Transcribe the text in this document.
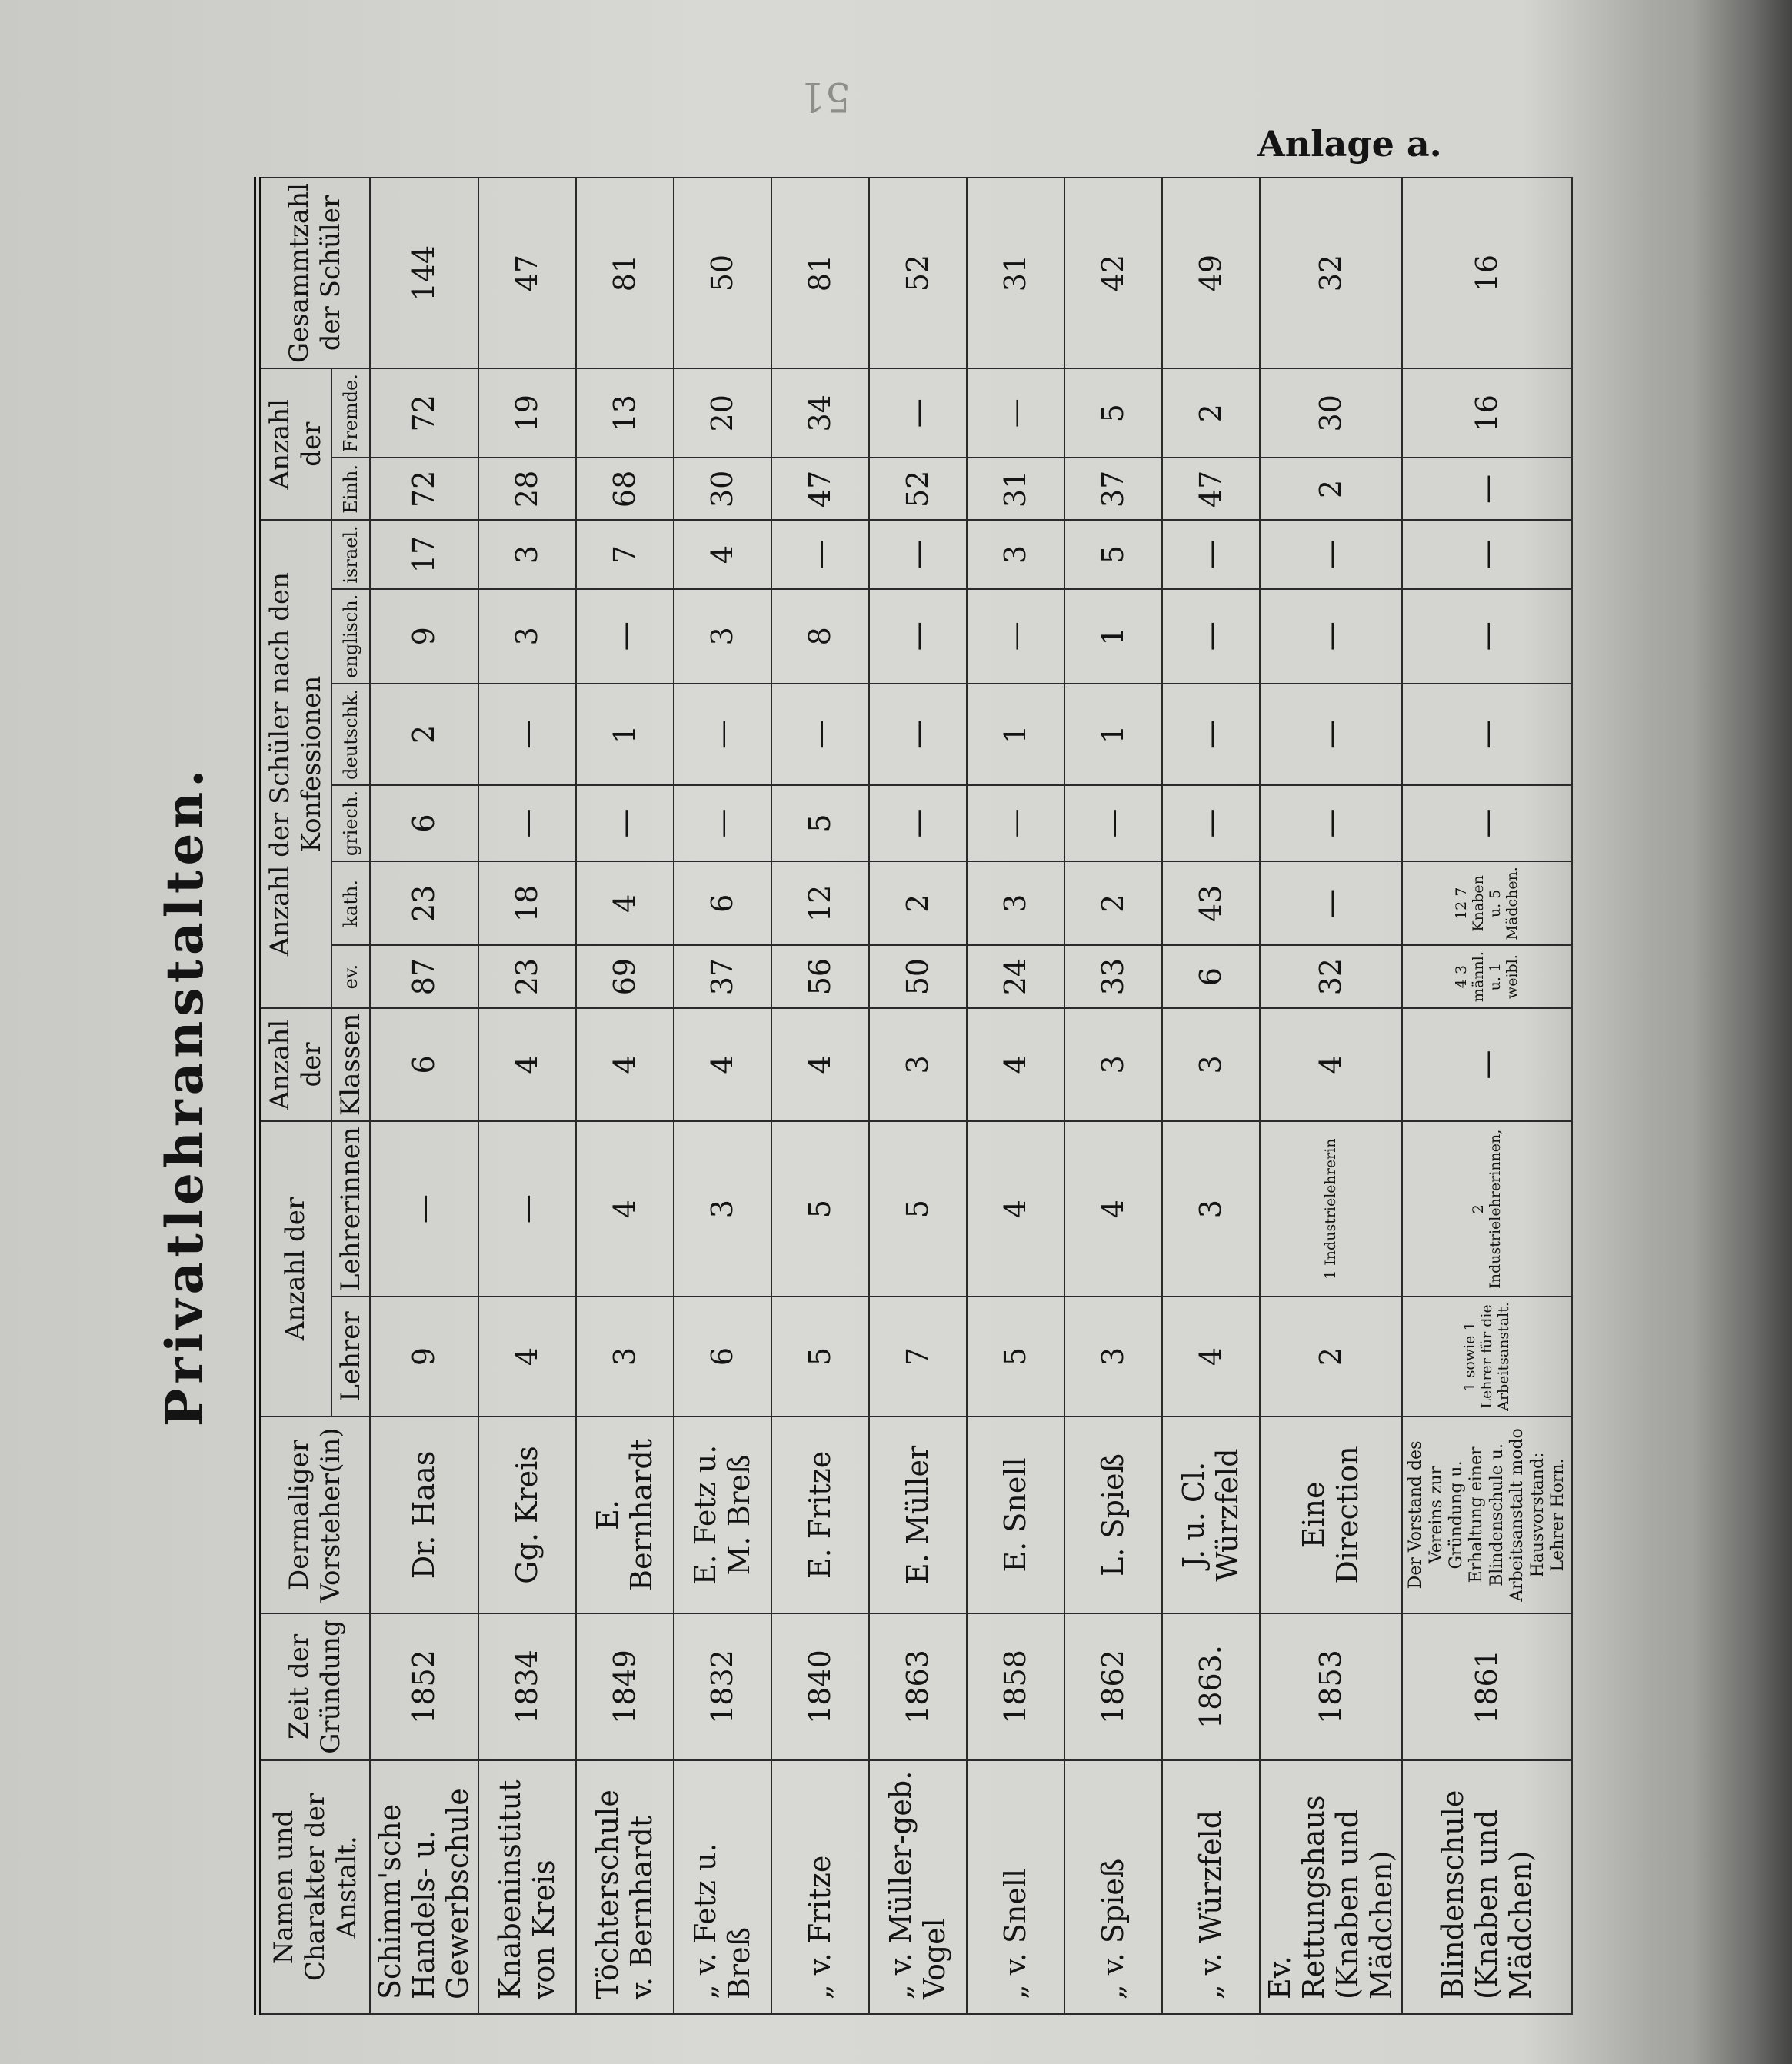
51
Anlage a.
Privatlehranstalten.
Namen und Charakter der Anstalt.	Zeit der Gründung	Dermaliger Vorsteher(in)	Anzahl der		Anzahl der	Anzahl der Schüler nach den Konfessionen						Anzahl der		Gesammtzahl der Schüler
			Lehrer	Lehrerinnen	Klassen	ev.	kath.	griech.	deutschk.	englisch.	israel.	Einh.	Fremde.	
Schimm'sche Handels- u. Gewerbschule	1852	Dr. Haas	9	—	6	87	23	6	2	9	17	72	72	144
Knabeninstitut von Kreis	1834	Gg. Kreis	4	—	4	23	18	—	—	3	3	28	19	47
Töchterschule v. Bernhardt	1849	E. Bernhardt	3	4	4	69	4	—	1	—	7	68	13	81
„ v. Fetz u. Breß	1832	E. Fetz u. M. Breß	6	3	4	37	6	—	—	3	4	30	20	50
„ v. Fritze	1840	E. Fritze	5	5	4	56	12	5	—	8	—	47	34	81
„ v. Müller-geb. Vogel	1863	E. Müller	7	5	3	50	2	—	—	—	—	52	—	52
„ v. Snell	1858	E. Snell	5	4	4	24	3	—	1	—	3	31	—	31
„ v. Spieß	1862	L. Spieß	3	4	3	33	2	—	1	1	5	37	5	42
„ v. Würzfeld	1863.	J. u. Cl. Würzfeld	4	3	3	6	43	—	—	—	—	47	2	49
Ev. Rettungshaus (Knaben und Mädchen)	1853	Eine Direction	2	1 Industrielehrerin	4	32	—	—	—	—	—	2	30	32
Blindenschule (Knaben und Mädchen)	1861	Der Vorstand des Vereins zur Gründung u. Erhaltung einer Blindenschule u. Arbeitsanstalt modo Hausvorstand: Lehrer Horn.	1 sowie 1 Lehrer für die Arbeitsanstalt.	2 Industrielehrerinnen,	—	4 3 männl. u. 1 weibl.	12 7 Knaben u. 5 Mädchen.	—	—	—	—	—	16	16
